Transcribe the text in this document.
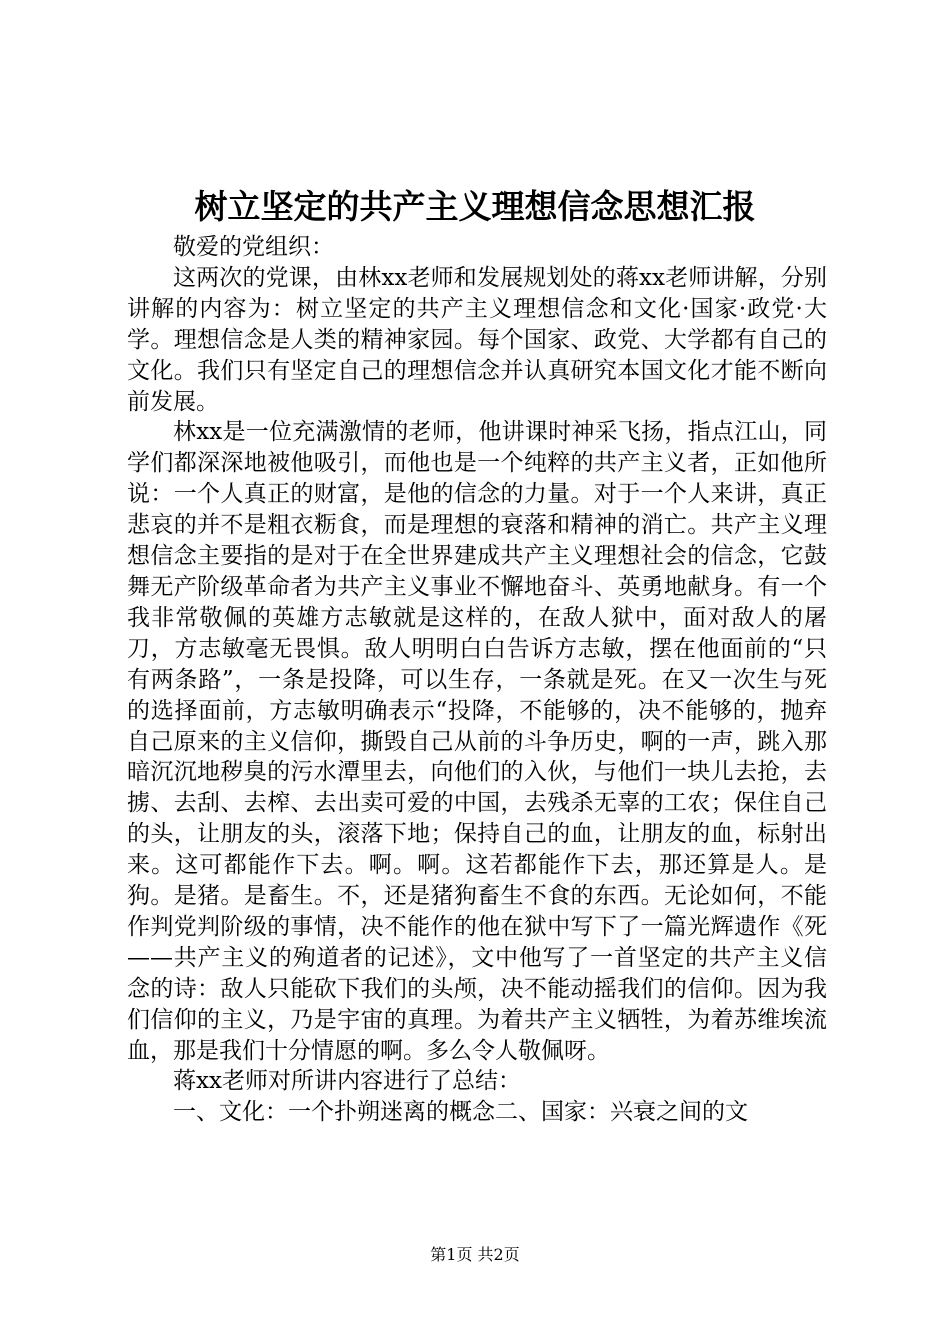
树立坚定的共产主义理想信念思想汇报

敬爱的党组织：

这两次的党课，由林xx老师和发展规划处的蒋xx老师讲解，分别讲解的内容为：树立坚定的共产主义理想信念和文化·国家·政党·大学。理想信念是人类的精神家园。每个国家、政党、大学都有自己的文化。我们只有坚定自己的理想信念并认真研究本国文化才能不断向前发展。

林xx是一位充满激情的老师，他讲课时神采飞扬，指点江山，同学们都深深地被他吸引，而他也是一个纯粹的共产主义者，正如他所说：一个人真正的财富，是他的信念的力量。对于一个人来讲，真正悲哀的并不是粗衣粝食，而是理想的衰落和精神的消亡。共产主义理想信念主要指的是对于在全世界建成共产主义理想社会的信念，它鼓舞无产阶级革命者为共产主义事业不懈地奋斗、英勇地献身。有一个我非常敬佩的英雄方志敏就是这样的，在敌人狱中，面对敌人的屠刀，方志敏毫无畏惧。敌人明明白白告诉方志敏，摆在他面前的“只有两条路”，一条是投降，可以生存，一条就是死。在又一次生与死的选择面前，方志敏明确表示“投降，不能够的，决不能够的，抛弃自己原来的主义信仰，撕毁自己从前的斗争历史，啊的一声，跳入那暗沉沉地秽臭的污水潭里去，向他们的入伙，与他们一块儿去抢，去掳、去刮、去榨、去出卖可爱的中国，去残杀无辜的工农；保住自己的头，让朋友的头，滚落下地；保持自己的血，让朋友的血，标射出来。这可都能作下去。啊。啊。这若都能作下去，那还算是人。是狗。是猪。是畜生。不，还是猪狗畜生不食的东西。无论如何，不能作判党判阶级的事情，决不能作的他在狱中写下了一篇光辉遗作《死——共产主义的殉道者的记述》，文中他写了一首坚定的共产主义信念的诗：敌人只能砍下我们的头颅，决不能动摇我们的信仰。因为我们信仰的主义，乃是宇宙的真理。为着共产主义牺牲，为着苏维埃流血，那是我们十分情愿的啊。多么令人敬佩呀。

蒋xx老师对所讲内容进行了总结：

一、文化：一个扑朔迷离的概念二、国家：兴衰之间的文

第1页 共2页
